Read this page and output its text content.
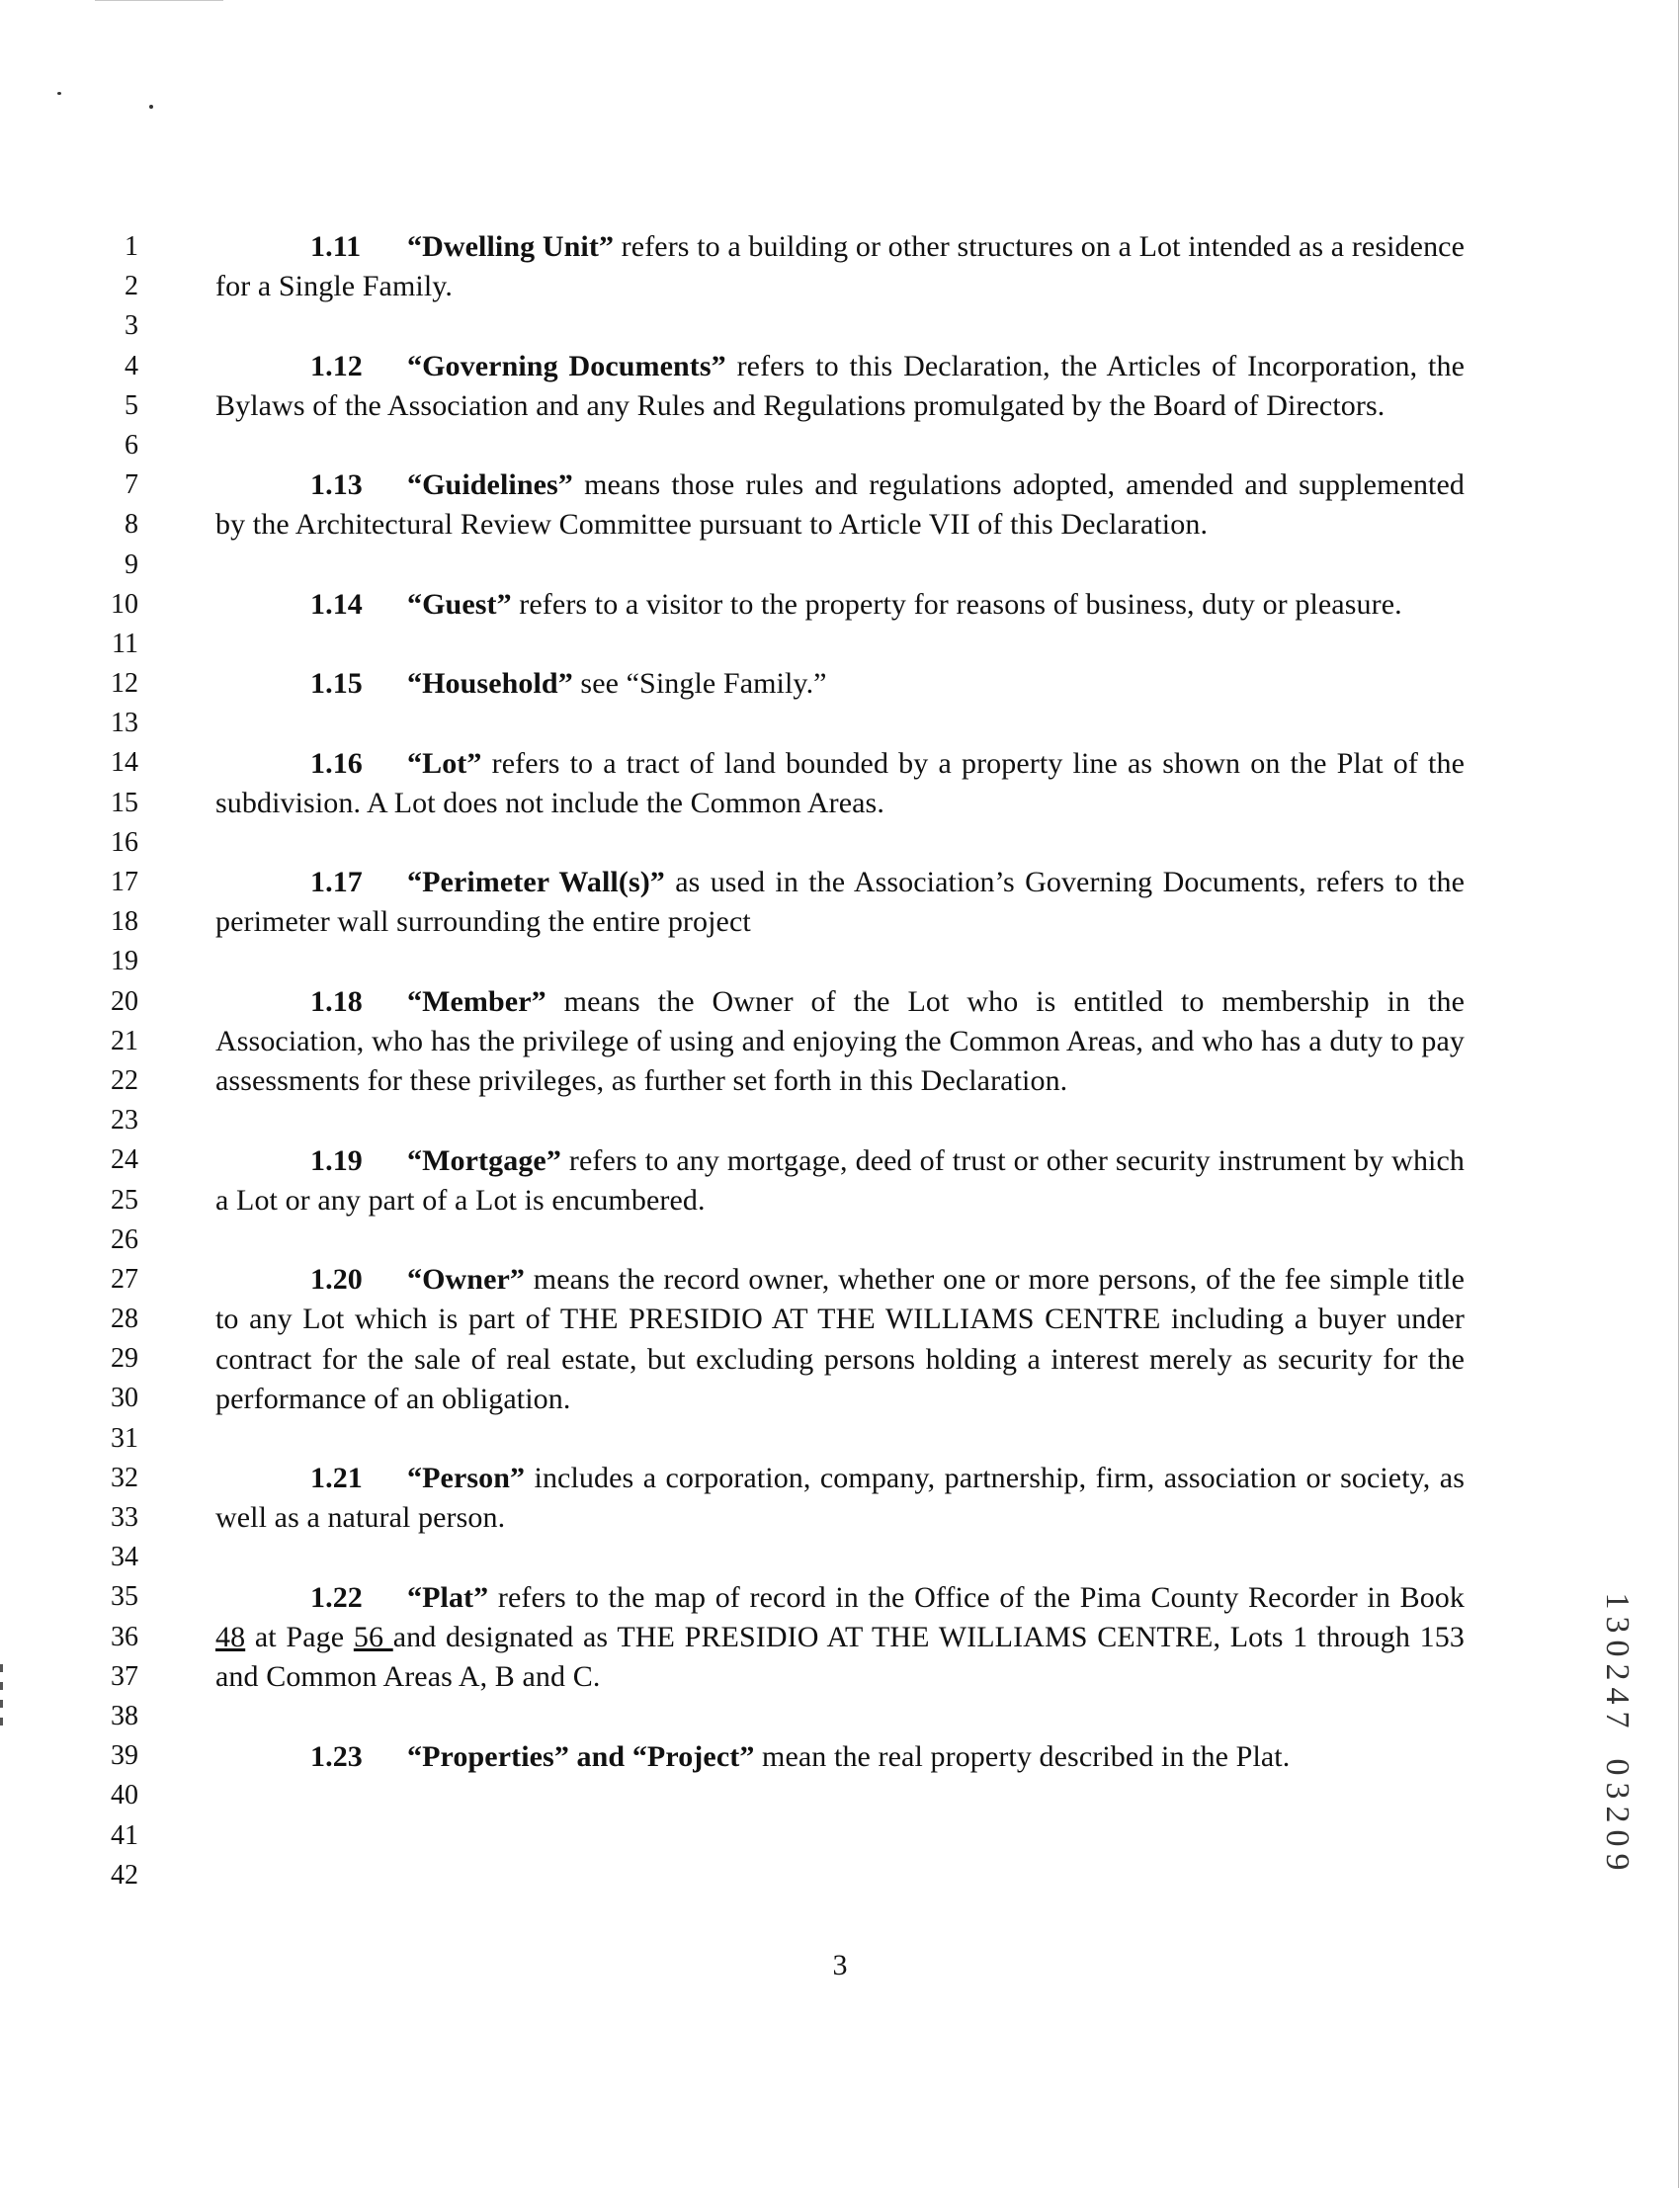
1
2
3
4
5
6
7
8
9
10
11
12
13
14
15
16
17
18
19
20
21
22
23
24
25
26
27
28
29
30
31
32
33
34
35
36
37
38
39
40
41
42

1.11 “Dwelling Unit” refers to a building or other structures on a Lot intended as a residence for a Single Family.

1.12 “Governing Documents” refers to this Declaration, the Articles of Incorporation, the Bylaws of the Association and any Rules and Regulations promulgated by the Board of Directors.

1.13 “Guidelines” means those rules and regulations adopted, amended and supplemented by the Architectural Review Committee pursuant to Article VII of this Declaration.

1.14 “Guest” refers to a visitor to the property for reasons of business, duty or pleasure.

1.15 “Household” see “Single Family.”

1.16 “Lot” refers to a tract of land bounded by a property line as shown on the Plat of the subdivision. A Lot does not include the Common Areas.

1.17 “Perimeter Wall(s)” as used in the Association’s Governing Documents, refers to the perimeter wall surrounding the entire project

1.18 “Member” means the Owner of the Lot who is entitled to membership in the Association, who has the privilege of using and enjoying the Common Areas, and who has a duty to pay assessments for these privileges, as further set forth in this Declaration.

1.19 “Mortgage” refers to any mortgage, deed of trust or other security instrument by which a Lot or any part of a Lot is encumbered.

1.20 “Owner” means the record owner, whether one or more persons, of the fee simple title to any Lot which is part of THE PRESIDIO AT THE WILLIAMS CENTRE including a buyer under contract for the sale of real estate, but excluding persons holding a interest merely as security for the performance of an obligation.

1.21 “Person” includes a corporation, company, partnership, firm, association or society, as well as a natural person.

1.22 “Plat” refers to the map of record in the Office of the Pima County Recorder in Book 48 at Page 56 and designated as THE PRESIDIO AT THE WILLIAMS CENTRE, Lots 1 through 153 and Common Areas A, B and C.

1.23 “Properties” and “Project” mean the real property described in the Plat.

3
1
3
0
2
4
7
0
3
2
0
9
